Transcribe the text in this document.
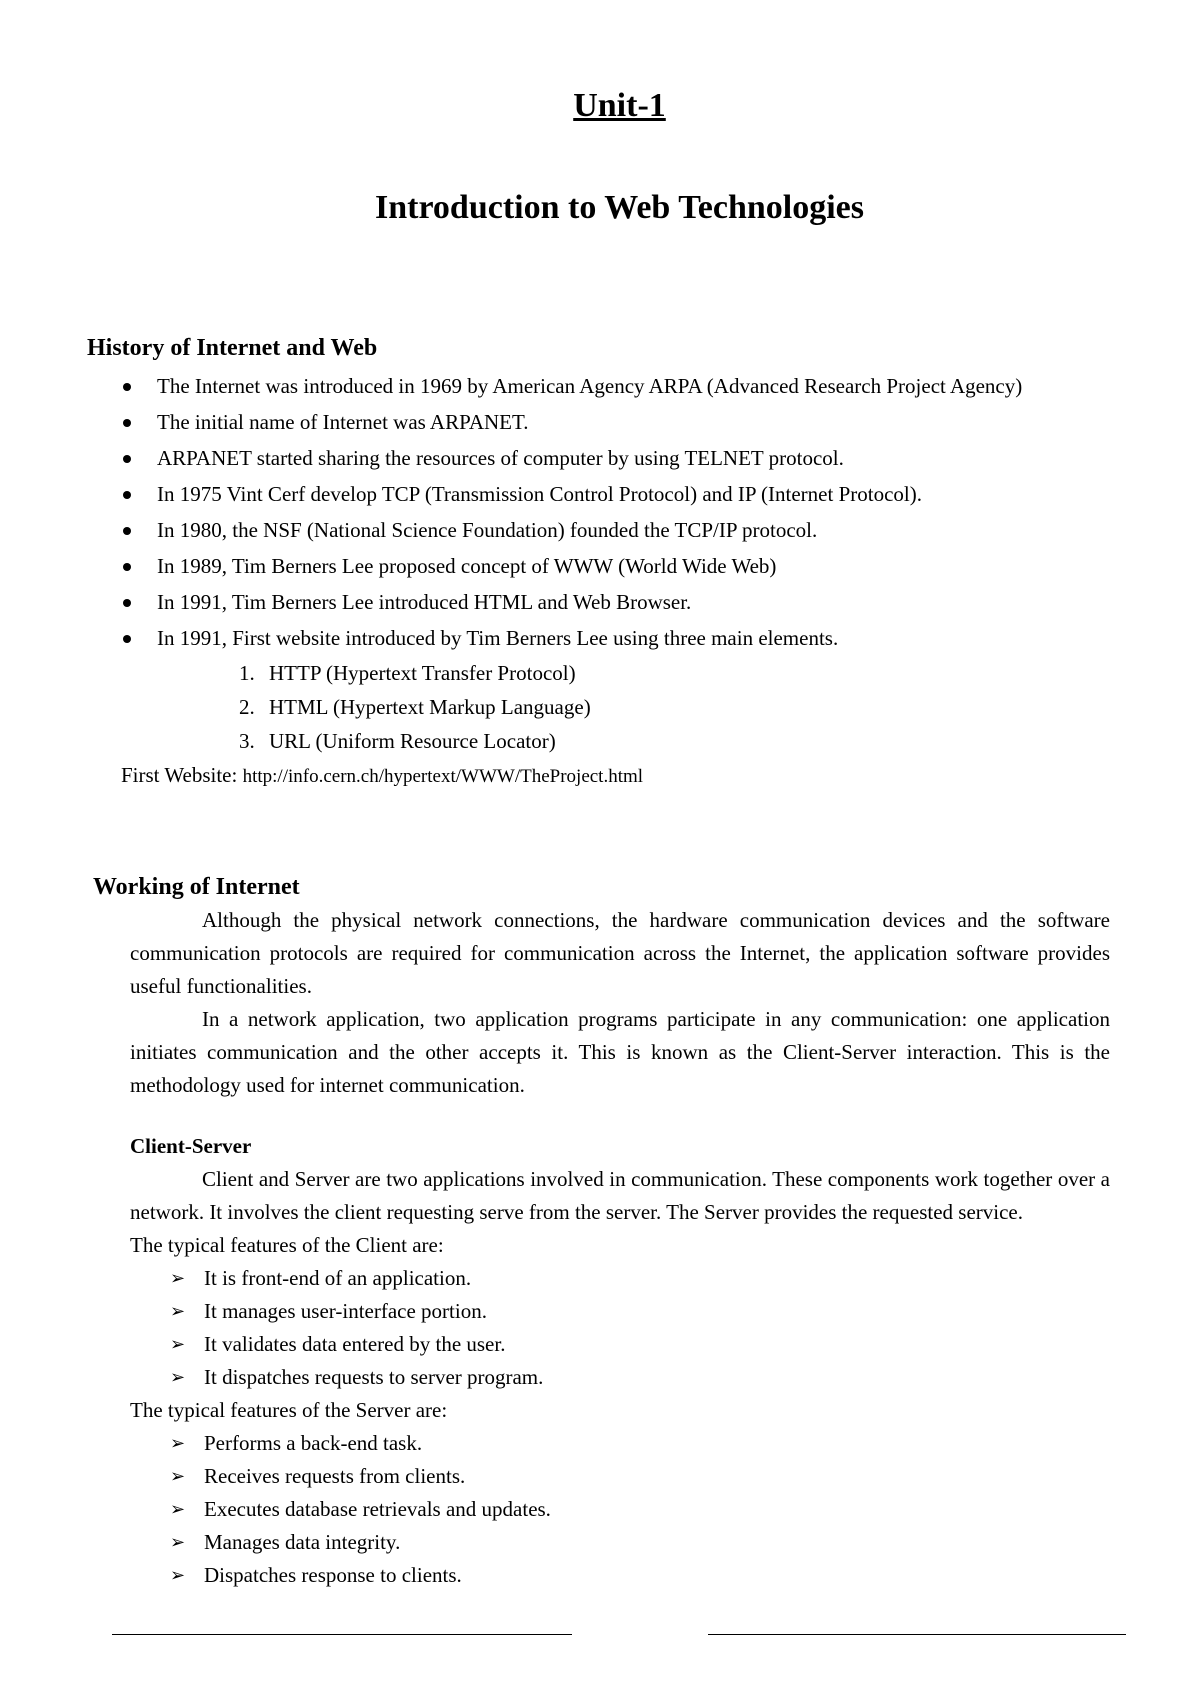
Unit-1
Introduction to Web Technologies
History of Internet and Web
The Internet was introduced in 1969 by American Agency ARPA (Advanced Research Project Agency)
The initial name of Internet was ARPANET.
ARPANET started sharing the resources of computer by using TELNET protocol.
In 1975 Vint Cerf develop TCP (Transmission Control Protocol) and IP (Internet Protocol).
In 1980, the NSF (National Science Foundation) founded the TCP/IP protocol.
In 1989, Tim Berners Lee proposed concept of WWW (World Wide Web)
In 1991, Tim Berners Lee introduced HTML and Web Browser.
In 1991, First website introduced by Tim Berners Lee using three main elements.
1. HTTP (Hypertext Transfer Protocol)
2. HTML (Hypertext Markup Language)
3. URL (Uniform Resource Locator)
First Website: http://info.cern.ch/hypertext/WWW/TheProject.html
Working of Internet

Although the physical network connections, the hardware communication devices and the software communication protocols are required for communication across the Internet, the application software provides useful functionalities.

In a network application, two application programs participate in any communication: one application initiates communication and the other accepts it. This is known as the Client-Server interaction. This is the methodology used for internet communication.

Client-Server

Client and Server are two applications involved in communication. These components work together over a network. It involves the client requesting serve from the server. The Server provides the requested service.

The typical features of the Client are:
➢ It is front-end of an application.
➢ It manages user-interface portion.
➢ It validates data entered by the user.
➢ It dispatches requests to server program.
The typical features of the Server are:
➢ Performs a back-end task.
➢ Receives requests from clients.
➢ Executes database retrievals and updates.
➢ Manages data integrity.
➢ Dispatches response to clients.
